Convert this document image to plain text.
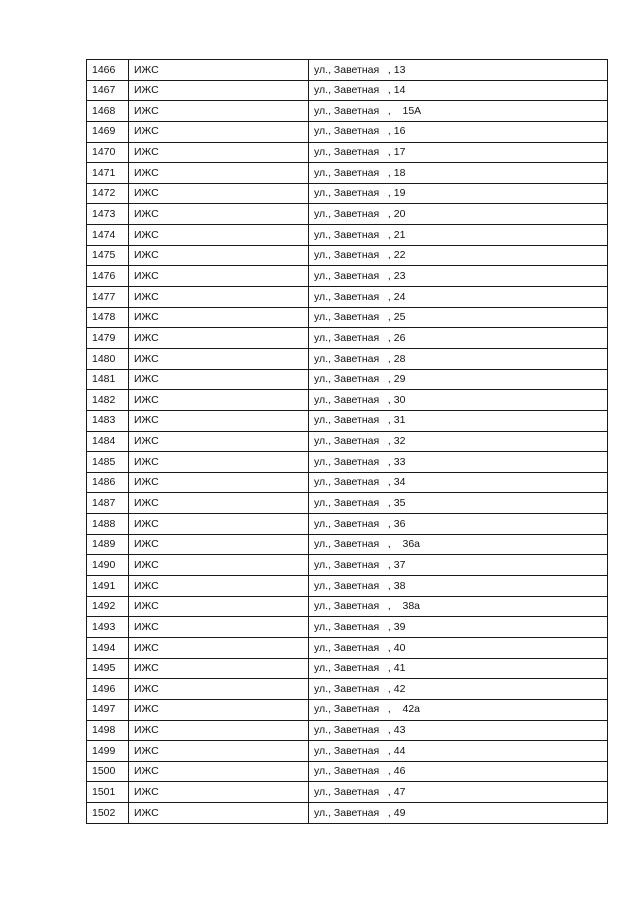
1466	ИЖС	ул., Заветная   , 13
1467	ИЖС	ул., Заветная   , 14
1468	ИЖС	ул., Заветная   ,    15А
1469	ИЖС	ул., Заветная   , 16
1470	ИЖС	ул., Заветная   , 17
1471	ИЖС	ул., Заветная   , 18
1472	ИЖС	ул., Заветная   , 19
1473	ИЖС	ул., Заветная   , 20
1474	ИЖС	ул., Заветная   , 21
1475	ИЖС	ул., Заветная   , 22
1476	ИЖС	ул., Заветная   , 23
1477	ИЖС	ул., Заветная   , 24
1478	ИЖС	ул., Заветная   , 25
1479	ИЖС	ул., Заветная   , 26
1480	ИЖС	ул., Заветная   , 28
1481	ИЖС	ул., Заветная   , 29
1482	ИЖС	ул., Заветная   , 30
1483	ИЖС	ул., Заветная   , 31
1484	ИЖС	ул., Заветная   , 32
1485	ИЖС	ул., Заветная   , 33
1486	ИЖС	ул., Заветная   , 34
1487	ИЖС	ул., Заветная   , 35
1488	ИЖС	ул., Заветная   , 36
1489	ИЖС	ул., Заветная   ,    36а
1490	ИЖС	ул., Заветная   , 37
1491	ИЖС	ул., Заветная   , 38
1492	ИЖС	ул., Заветная   ,    38а
1493	ИЖС	ул., Заветная   , 39
1494	ИЖС	ул., Заветная   , 40
1495	ИЖС	ул., Заветная   , 41
1496	ИЖС	ул., Заветная   , 42
1497	ИЖС	ул., Заветная   ,    42а
1498	ИЖС	ул., Заветная   , 43
1499	ИЖС	ул., Заветная   , 44
1500	ИЖС	ул., Заветная   , 46
1501	ИЖС	ул., Заветная   , 47
1502	ИЖС	ул., Заветная   , 49
